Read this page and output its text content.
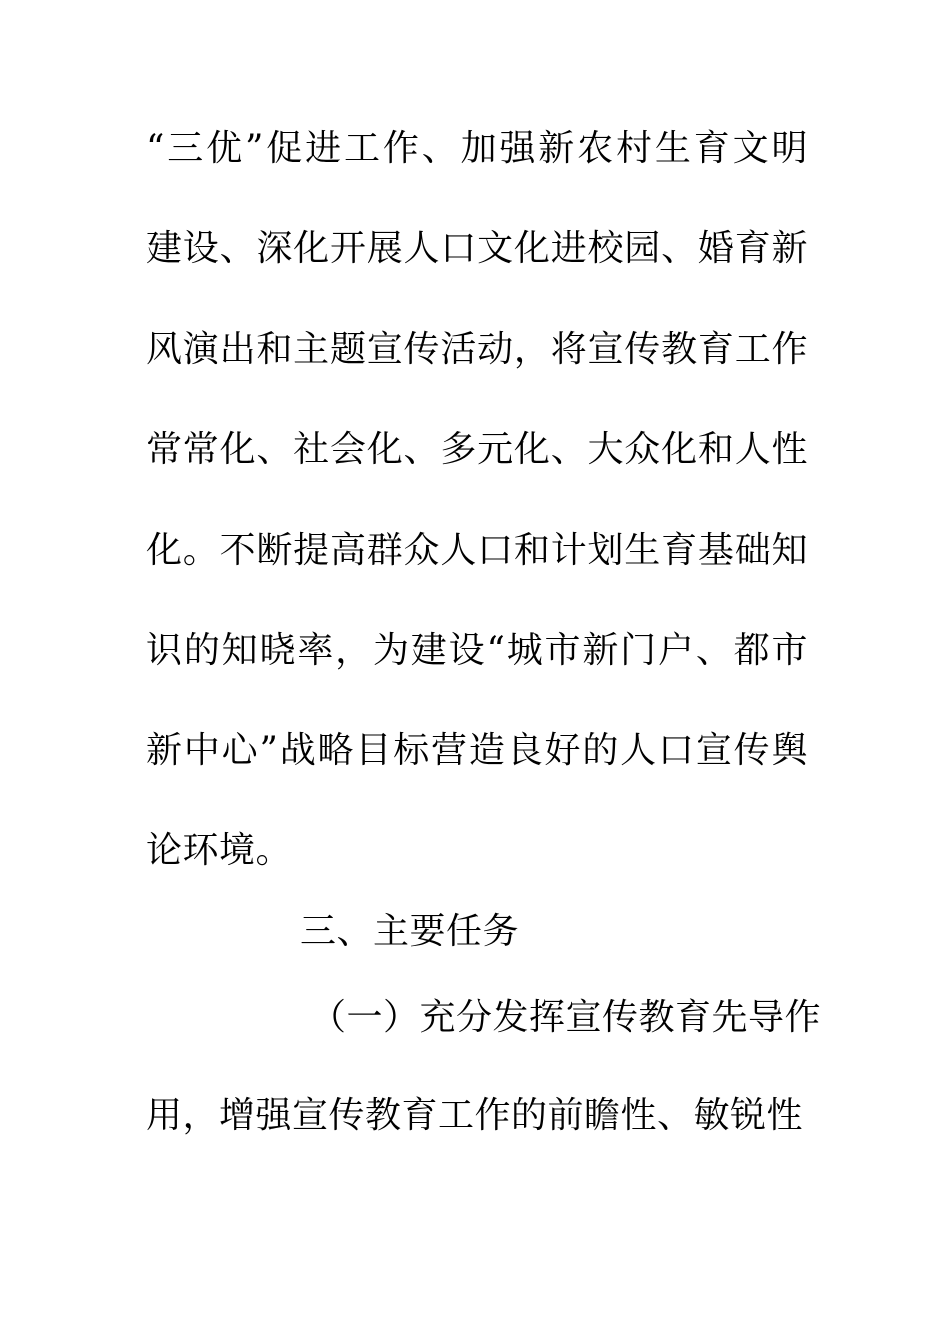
“三优”促进工作、加强新农村生育文明
建设、深化开展人口文化进校园、婚育新
风演出和主题宣传活动，将宣传教育工作
常常化、社会化、多元化、大众化和人性
化。不断提高群众人口和计划生育基础知
识的知晓率，为建设“城市新门户、都市
新中心”战略目标营造良好的人口宣传舆
论环境。
三、主要任务
（一）充分发挥宣传教育先导作
用，增强宣传教育工作的前瞻性、敏锐性
